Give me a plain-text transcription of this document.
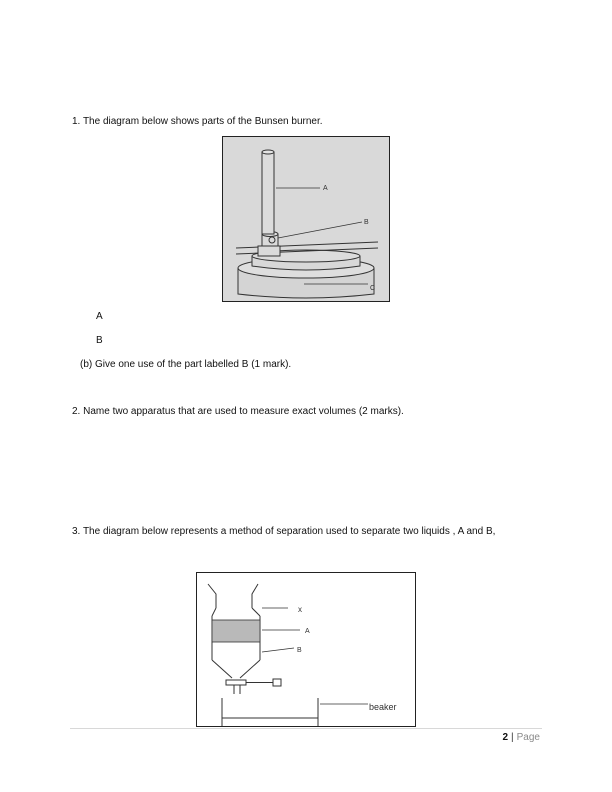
1. The diagram below shows parts of the Bunsen burner.
A
B
C
A
B
(b) Give one use of the part labelled B (1 mark).
2. Name two apparatus that are used to measure exact volumes (2 marks).
3. The diagram below represents a method of separation used to separate two liquids , A and B,
x
A
B
beaker
2 | Page
